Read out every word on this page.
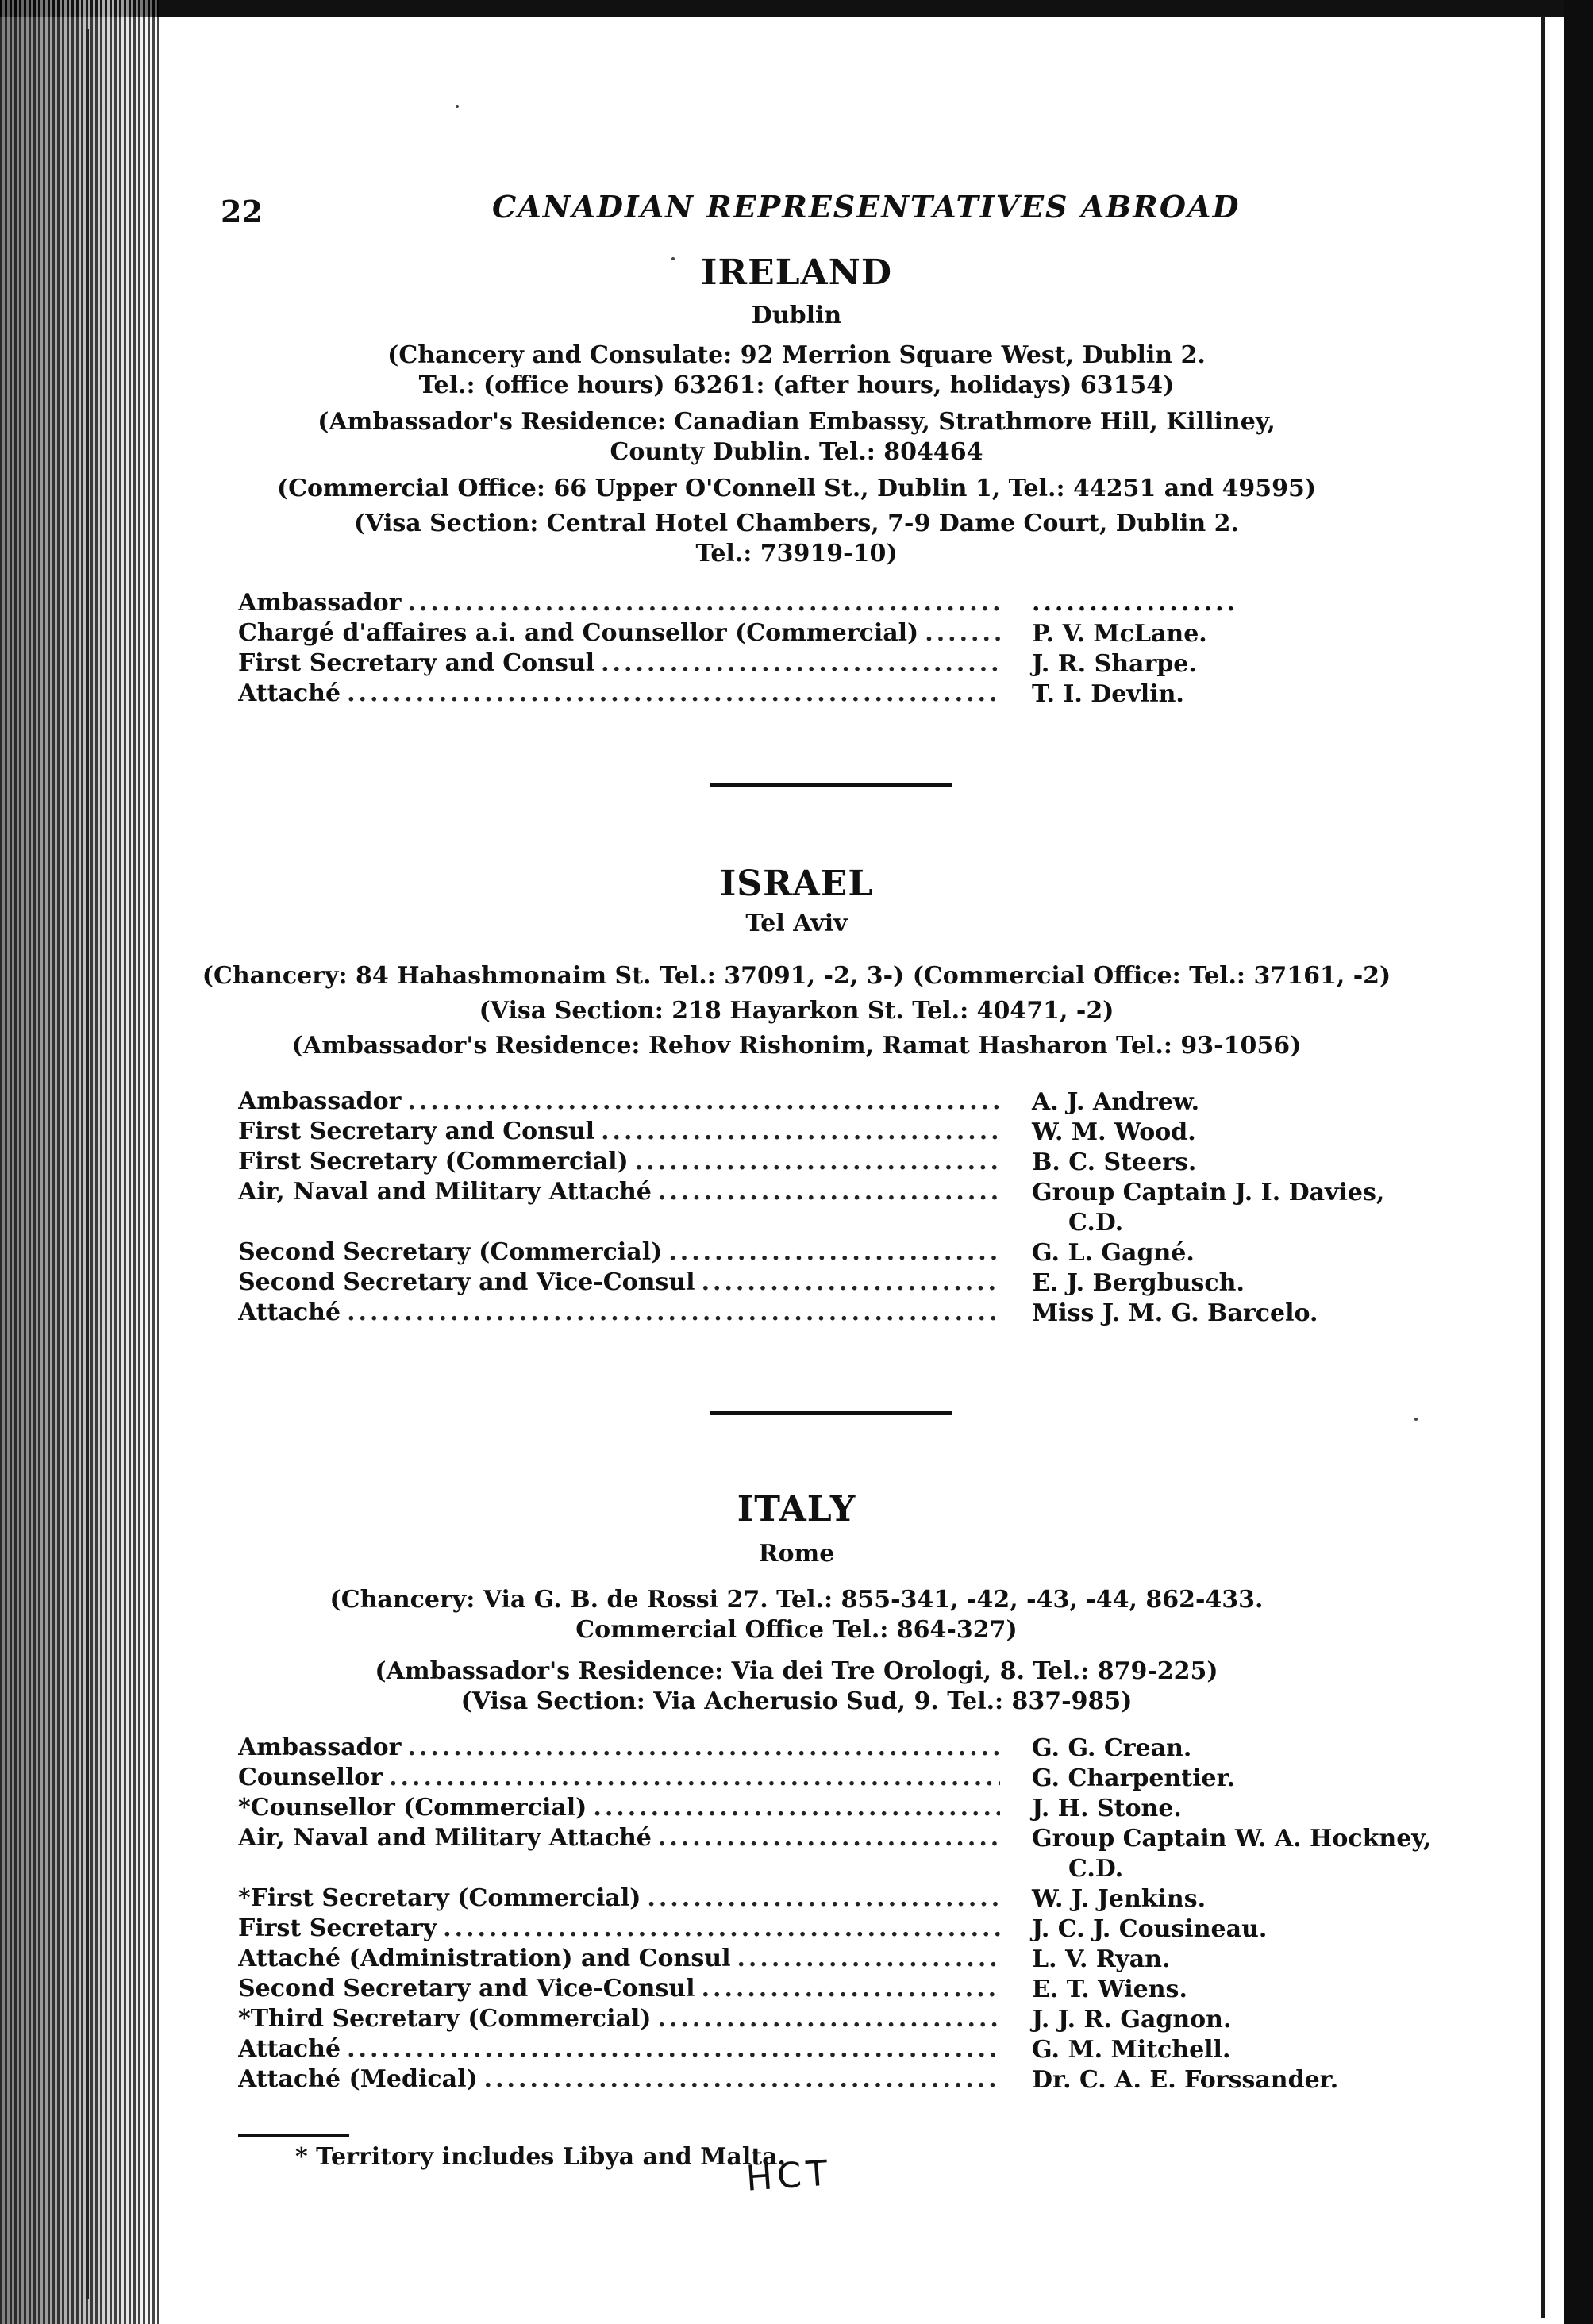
22	CANADIAN REPRESENTATIVES ABROAD
IRELAND
Dublin
(Chancery and Consulate: 92 Merrion Square West, Dublin 2.
Tel.: (office hours) 63261: (after hours, holidays) 63154)
(Ambassador's Residence: Canadian Embassy, Strathmore Hill, Killiney,
County Dublin. Tel.: 804464
(Commercial Office: 66 Upper O'Connell St., Dublin 1, Tel.: 44251 and 49595)
(Visa Section: Central Hotel Chambers, 7-9 Dame Court, Dublin 2.
Tel.: 73919-10)
Ambassador .....	..................
Chargé d'affaires a.i. and Counsellor (Commercial) .....	P. V. McLane.
First Secretary and Consul .....	J. R. Sharpe.
Attaché .....	T. I. Devlin.
ISRAEL
Tel Aviv
(Chancery: 84 Hahashmonaim St. Tel.: 37091, -2, 3-) (Commercial Office: Tel.: 37161, -2)
(Visa Section: 218 Hayarkon St. Tel.: 40471, -2)
(Ambassador's Residence: Rehov Rishonim, Ramat Hasharon Tel.: 93-1056)
Ambassador .....	A. J. Andrew.
First Secretary and Consul .....	W. M. Wood.
First Secretary (Commercial) .....	B. C. Steers.
Air, Naval and Military Attaché .....	Group Captain J. I. Davies,
C.D.
Second Secretary (Commercial) .....	G. L. Gagné.
Second Secretary and Vice-Consul .....	E. J. Bergbusch.
Attaché .....	Miss J. M. G. Barcelo.
ITALY
Rome
(Chancery: Via G. B. de Rossi 27. Tel.: 855-341, -42, -43, -44, 862-433.
Commercial Office Tel.: 864-327)
(Ambassador's Residence: Via dei Tre Orologi, 8. Tel.: 879-225)
(Visa Section: Via Acherusio Sud, 9. Tel.: 837-985)
Ambassador .....	G. G. Crean.
Counsellor .....	G. Charpentier.
*Counsellor (Commercial) .....	J. H. Stone.
Air, Naval and Military Attaché .....	Group Captain W. A. Hockney,
C.D.
*First Secretary (Commercial) .....	W. J. Jenkins.
First Secretary .....	J. C. J. Cousineau.
Attaché (Administration) and Consul .....	L. V. Ryan.
Second Secretary and Vice-Consul .....	E. T. Wiens.
*Third Secretary (Commercial) .....	J. J. R. Gagnon.
Attaché .....	G. M. Mitchell.
Attaché (Medical) .....	Dr. C. A. E. Forssander.
* Territory includes Libya and Malta.
HCT
